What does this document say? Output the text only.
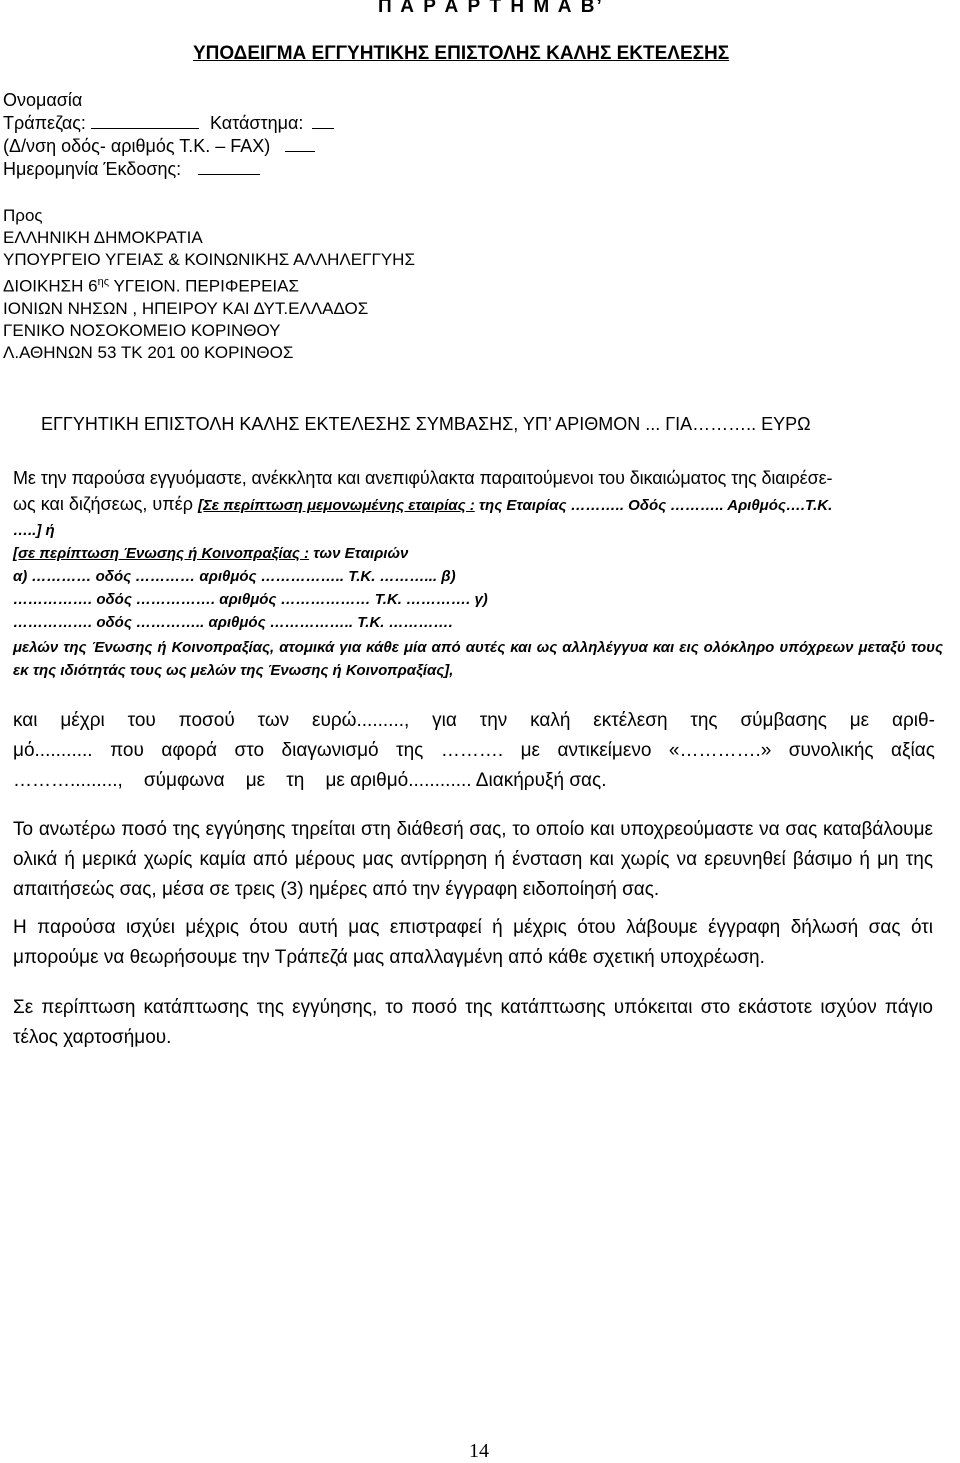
Π Α Ρ Α Ρ Τ Η Μ Α Β’
ΥΠΟΔΕΙΓΜΑ ΕΓΓΥΗΤΙΚΗΣ ΕΠΙΣΤΟΛΗΣ ΚΑΛΗΣ ΕΚΤΕΛΕΣΗΣ
Ονομασία
Τράπεζας:	Κατάστημα:
(Δ/νση οδός- αριθμός Τ.Κ. – FAX)
Ημερομηνία Έκδοσης:
Προς
ΕΛΛΗΝΙΚΗ ΔΗΜΟΚΡΑΤΙΑ
ΥΠΟΥΡΓΕΙΟ ΥΓΕΙΑΣ & ΚΟΙΝΩΝΙΚΗΣ ΑΛΛΗΛΕΓΓΥΗΣ
ΔΙΟΙΚΗΣΗ $6^{\eta\varsigma}$ ΥΓΕΙΟΝ. ΠΕΡΙΦΕΡΕΙΑΣ
ΙΟΝΙΩΝ ΝΗΣΩΝ , ΗΠΕΙΡΟΥ ΚΑΙ ΔΥΤ.ΕΛΛΑΔΟΣ
ΓΕΝΙΚΟ ΝΟΣΟΚΟΜΕΙΟ ΚΟΡΙΝΘΟΥ
Λ.ΑΘΗΝΩΝ 53 ΤΚ 201 00 ΚΟΡΙΝΘΟΣ
ΕΓΓΥΗΤΙΚΗ ΕΠΙΣΤΟΛΗ ΚΑΛΗΣ ΕΚΤΕΛΕΣΗΣ ΣΥΜΒΑΣΗΣ, ΥΠ’ ΑΡΙΘΜΟΝ ... ΓΙΑ……….. ΕΥΡΩ
Με την παρούσα εγγυόμαστε, ανέκκλητα και ανεπιφύλακτα παραιτούμενοι του δικαιώματος της διαιρέσε-
ως και διζήσεως, υπέρ [Σε περίπτωση μεμονωμένης εταιρίας : της Εταιρίας ……….. Οδός ……….. Αριθμός….Τ.Κ.
…..] ή
[σε περίπτωση Ένωσης ή Κοινοπραξίας : των Εταιριών
α) ………… οδός ………… αριθμός …………….. Τ.Κ. ………... β)
……………. οδός ……………. αριθμός ……………… Τ.Κ. …………. γ)
……………. οδός ………….. αριθμός …………….. Τ.Κ. ………….
μελών της Ένωσης ή Κοινοπραξίας, ατομικά για κάθε μία από αυτές και ως αλληλέγγυα και εις ολόκληρο υπόχρεων μεταξύ τους εκ της ιδιότητάς τους ως μελών της Ένωσης ή Κοινοπραξίας],
και μέχρι του ποσού των ευρώ........., για την καλή εκτέλεση της σύμβασης με αριθ-
μό........... που αφορά στο διαγωνισμό της ………. με αντικείμενο «………….» συνολικής αξίας
……….........,    σύμφωνα    με    τη    με αριθμό............ Διακήρυξή σας.
Το ανωτέρω ποσό της εγγύησης τηρείται στη διάθεσή σας, το οποίο και υποχρεούμαστε να σας καταβάλουμε ολικά ή μερικά χωρίς καμία από μέρους μας αντίρρηση ή ένσταση και χωρίς να ερευνηθεί βάσιμο ή μη της απαιτήσεώς σας, μέσα σε τρεις (3) ημέρες από την έγγραφη ειδοποίησή σας.
Η παρούσα ισχύει μέχρις ότου αυτή μας επιστραφεί ή μέχρις ότου λάβουμε έγγραφη δήλωσή σας ότι μπορούμε να θεωρήσουμε την Τράπεζά μας απαλλαγμένη από κάθε σχετική υποχρέωση.
Σε περίπτωση κατάπτωσης της εγγύησης, το ποσό της κατάπτωσης υπόκειται στο εκάστοτε ισχύον πάγιο τέλος χαρτοσήμου.
14
